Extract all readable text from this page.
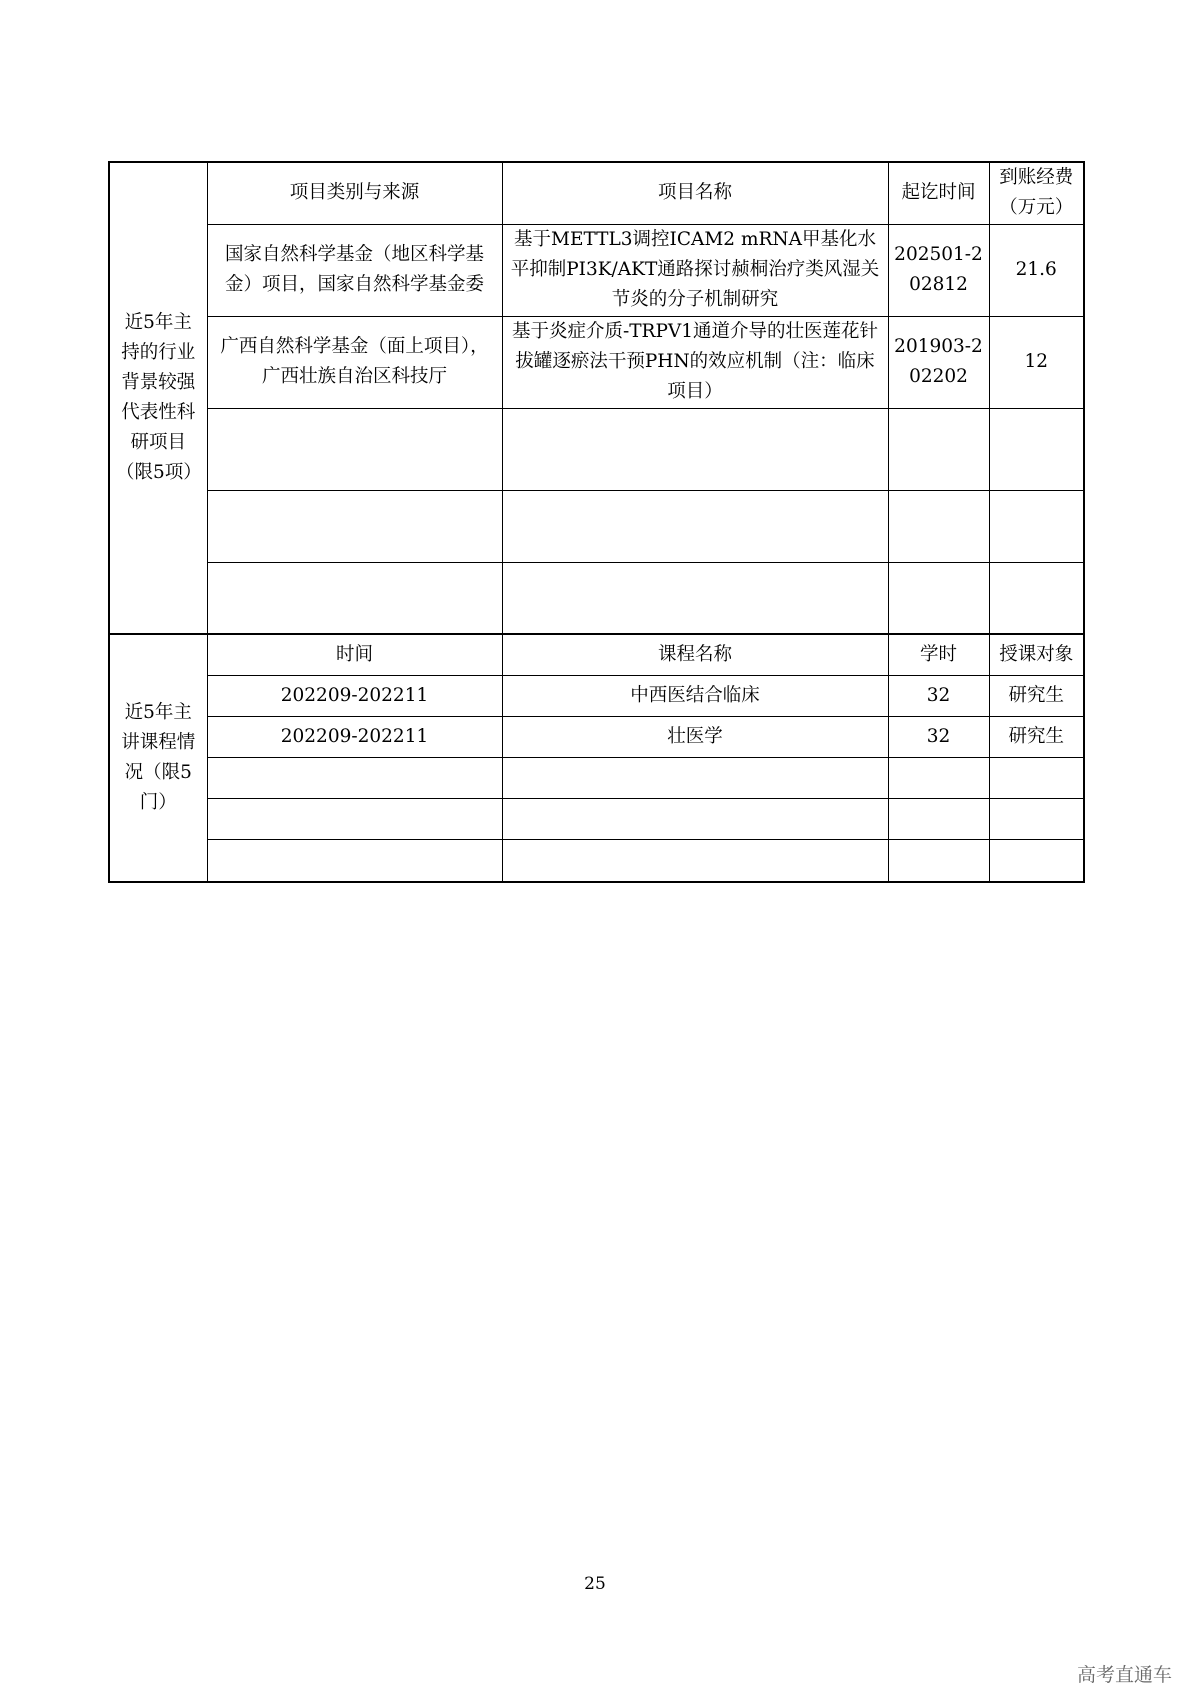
近5年主持的行业背景较强代表性科研项目（限5项）	项目类别与来源	项目名称	起讫时间	到账经费（万元）
	国家自然科学基金（地区科学基金）项目，国家自然科学基金委	基于METTL3调控ICAM2 mRNA甲基化水平抑制PI3K/AKT通路探讨赪桐治疗类风湿关节炎的分子机制研究	202501-202812	21.6
	广西自然科学基金（面上项目），广西壮族自治区科技厅	基于炎症介质-TRPV1通道介导的壮医莲花针拔罐逐瘀法干预PHN的效应机制（注：临床项目）	201903-202202	12

近5年主讲课程情况（限5门）	时间	课程名称	学时	授课对象
	202209-202211	中西医结合临床	32	研究生
	202209-202211	壮医学	32	研究生

25
高考直通车
